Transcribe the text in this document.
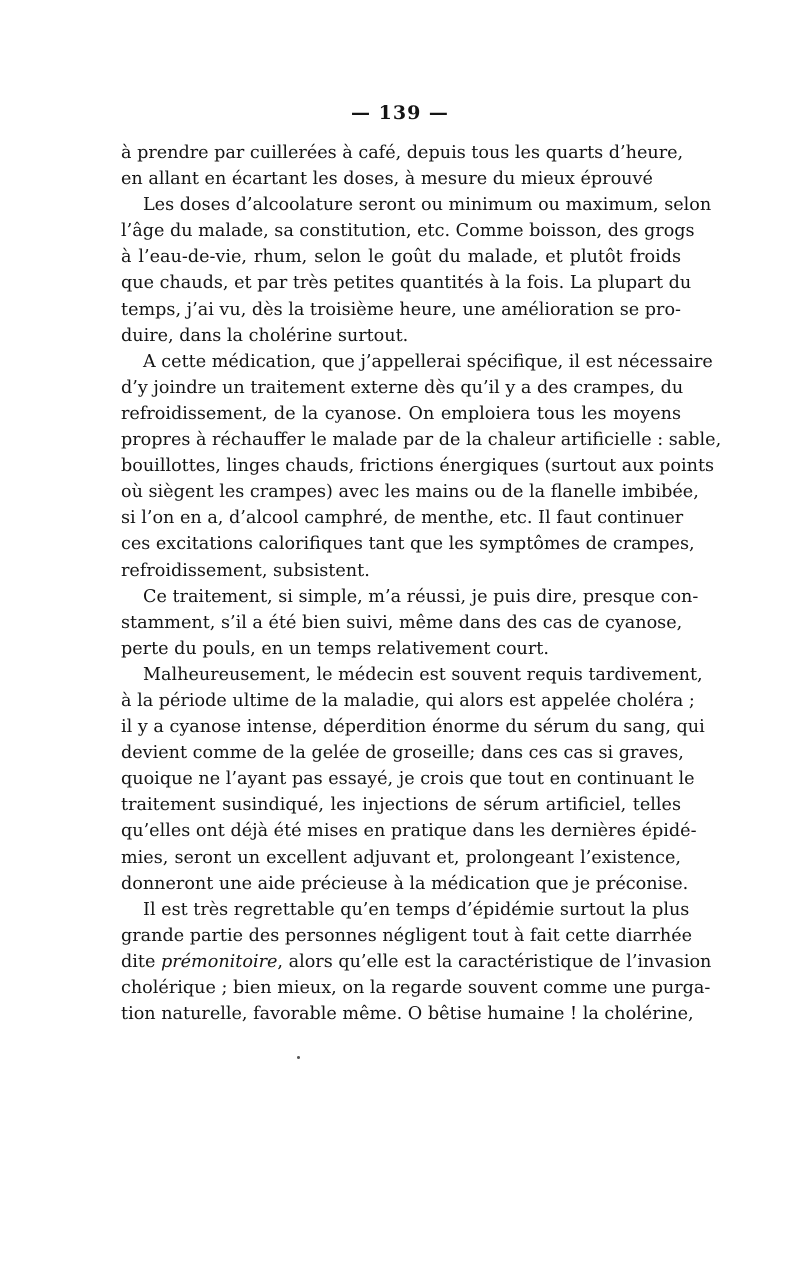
— 139 —
à prendre par cuillerées à café, depuis tous les quarts d’heure,
en allant en écartant les doses, à mesure du mieux éprouvé
Les doses d’alcoolature seront ou minimum ou maximum, selon
l’âge du malade, sa constitution, etc. Comme boisson, des grogs
à l’eau-de-vie, rhum, selon le goût du malade, et plutôt froids
que chauds, et par très petites quantités à la fois. La plupart du
temps, j’ai vu, dès la troisième heure, une amélioration se pro-
duire, dans la cholérine surtout.
A cette médication, que j’appellerai spécifique, il est nécessaire
d’y joindre un traitement externe dès qu’il y a des crampes, du
refroidissement, de la cyanose. On emploiera tous les moyens
propres à réchauffer le malade par de la chaleur artificielle : sable,
bouillottes, linges chauds, frictions énergiques (surtout aux points
où siègent les crampes) avec les mains ou de la flanelle imbibée,
si l’on en a, d’alcool camphré, de menthe, etc. Il faut continuer
ces excitations calorifiques tant que les symptômes de crampes,
refroidissement, subsistent.
Ce traitement, si simple, m’a réussi, je puis dire, presque con-
stamment, s’il a été bien suivi, même dans des cas de cyanose,
perte du pouls, en un temps relativement court.
Malheureusement, le médecin est souvent requis tardivement,
à la période ultime de la maladie, qui alors est appelée choléra ;
il y a cyanose intense, déperdition énorme du sérum du sang, qui
devient comme de la gelée de groseille; dans ces cas si graves,
quoique ne l’ayant pas essayé, je crois que tout en continuant le
traitement susindiqué, les injections de sérum artificiel, telles
qu’elles ont déjà été mises en pratique dans les dernières épidé-
mies, seront un excellent adjuvant et, prolongeant l’existence,
donneront une aide précieuse à la médication que je préconise.
Il est très regrettable qu’en temps d’épidémie surtout la plus
grande partie des personnes négligent tout à fait cette diarrhée
dite prémonitoire, alors qu’elle est la caractéristique de l’invasion
cholérique ; bien mieux, on la regarde souvent comme une purga-
tion naturelle, favorable même. O bêtise humaine ! la cholérine,
